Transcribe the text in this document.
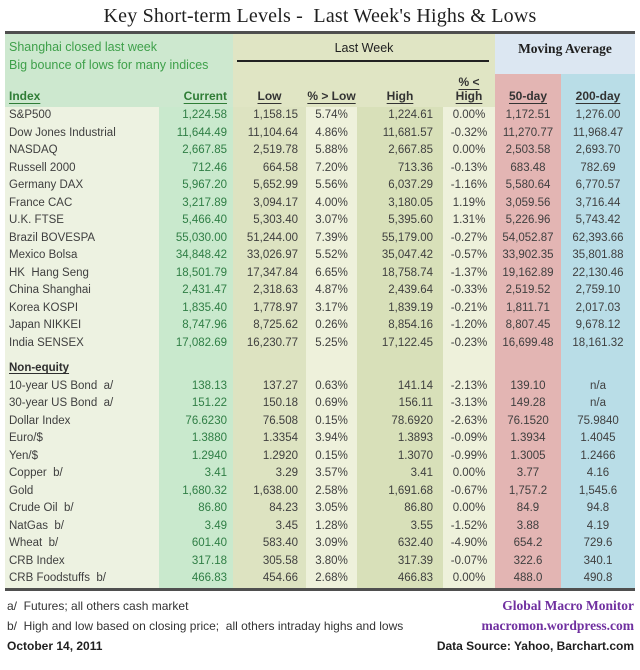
Key Short-term Levels -  Last Week's Highs & Lows
Shanghai closed last week
Big bounce of lows for many indices
Last Week	Moving Average
Index	Current	Low	% > Low	High	% < High	50-day	200-day
S&P500	1,224.58	1,158.15	5.74%	1,224.61	0.00%	1,172.51	1,276.00
Dow Jones Industrial	11,644.49	11,104.64	4.86%	11,681.57	-0.32%	11,270.77	11,968.47
NASDAQ	2,667.85	2,519.78	5.88%	2,667.85	0.00%	2,503.58	2,693.70
Russell 2000	712.46	664.58	7.20%	713.36	-0.13%	683.48	782.69
Germany DAX	5,967.20	5,652.99	5.56%	6,037.29	-1.16%	5,580.64	6,770.57
France CAC	3,217.89	3,094.17	4.00%	3,180.05	1.19%	3,059.56	3,716.44
U.K. FTSE	5,466.40	5,303.40	3.07%	5,395.60	1.31%	5,226.96	5,743.42
Brazil BOVESPA	55,030.00	51,244.00	7.39%	55,179.00	-0.27%	54,052.87	62,393.66
Mexico Bolsa	34,848.42	33,026.97	5.52%	35,047.42	-0.57%	33,902.35	35,801.88
HK  Hang Seng	18,501.79	17,347.84	6.65%	18,758.74	-1.37%	19,162.89	22,130.46
China Shanghai	2,431.47	2,318.63	4.87%	2,439.64	-0.33%	2,519.52	2,759.10
Korea KOSPI	1,835.40	1,778.97	3.17%	1,839.19	-0.21%	1,811.71	2,017.03
Japan NIKKEI	8,747.96	8,725.62	0.26%	8,854.16	-1.20%	8,807.45	9,678.12
India SENSEX	17,082.69	16,230.77	5.25%	17,122.45	-0.23%	16,699.48	18,161.32

Non-equity							
10-year US Bond  a/	138.13	137.27	0.63%	141.14	-2.13%	139.10	n/a
30-year US Bond  a/	151.22	150.18	0.69%	156.11	-3.13%	149.28	n/a
Dollar Index	76.6230	76.508	0.15%	78.6920	-2.63%	76.1520	75.9840
Euro/$	1.3880	1.3354	3.94%	1.3893	-0.09%	1.3934	1.4045
Yen/$	1.2940	1.2920	0.15%	1.3070	-0.99%	1.3005	1.2466
Copper  b/	3.41	3.29	3.57%	3.41	0.00%	3.77	4.16
Gold	1,680.32	1,638.00	2.58%	1,691.68	-0.67%	1,757.2	1,545.6
Crude Oil  b/	86.80	84.23	3.05%	86.80	0.00%	84.9	94.8
NatGas  b/	3.49	3.45	1.28%	3.55	-1.52%	3.88	4.19
Wheat  b/	601.40	583.40	3.09%	632.40	-4.90%	654.2	729.6
CRB Index	317.18	305.58	3.80%	317.39	-0.07%	322.6	340.1
CRB Foodstuffs  b/	466.83	454.66	2.68%	466.83	0.00%	488.0	490.8
a/  Futures; all others cash market
b/  High and low based on closing price;  all others intraday highs and lows
October 14, 2011
Global Macro Monitor
macromon.wordpress.com
Data Source: Yahoo, Barchart.com
